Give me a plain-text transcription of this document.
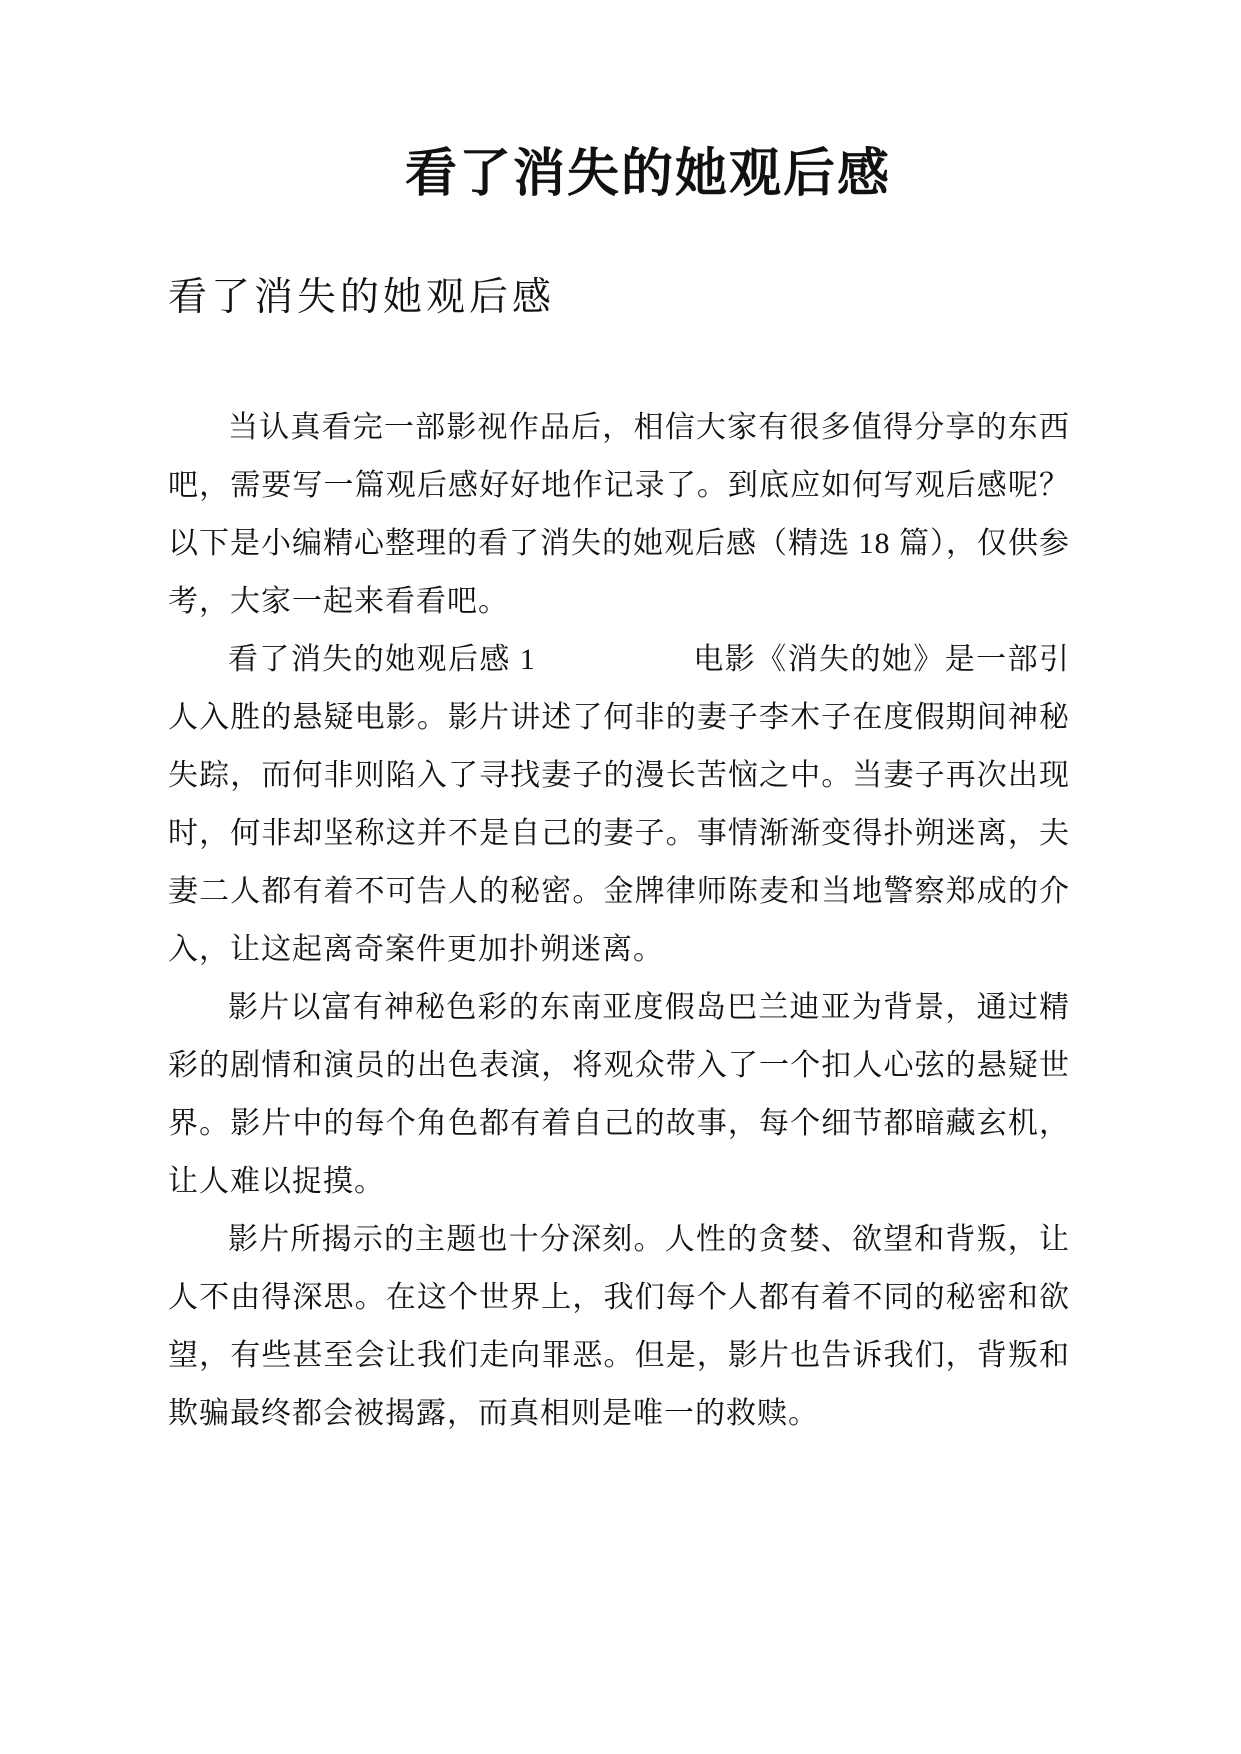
看了消失的她观后感
看了消失的她观后感

当认真看完一部影视作品后，相信大家有很多值得分享的东西吧，需要写一篇观后感好好地作记录了。到底应如何写观后感呢？以下是小编精心整理的看了消失的她观后感（精选 18 篇），仅供参考，大家一起来看看吧。

看了消失的她观后感 1　　　　　电影《消失的她》是一部引人入胜的悬疑电影。影片讲述了何非的妻子李木子在度假期间神秘失踪，而何非则陷入了寻找妻子的漫长苦恼之中。当妻子再次出现时，何非却坚称这并不是自己的妻子。事情渐渐变得扑朔迷离，夫妻二人都有着不可告人的秘密。金牌律师陈麦和当地警察郑成的介入，让这起离奇案件更加扑朔迷离。

影片以富有神秘色彩的东南亚度假岛巴兰迪亚为背景，通过精彩的剧情和演员的出色表演，将观众带入了一个扣人心弦的悬疑世界。影片中的每个角色都有着自己的故事，每个细节都暗藏玄机，让人难以捉摸。

影片所揭示的主题也十分深刻。人性的贪婪、欲望和背叛，让人不由得深思。在这个世界上，我们每个人都有着不同的秘密和欲望，有些甚至会让我们走向罪恶。但是，影片也告诉我们，背叛和欺骗最终都会被揭露，而真相则是唯一的救赎。
